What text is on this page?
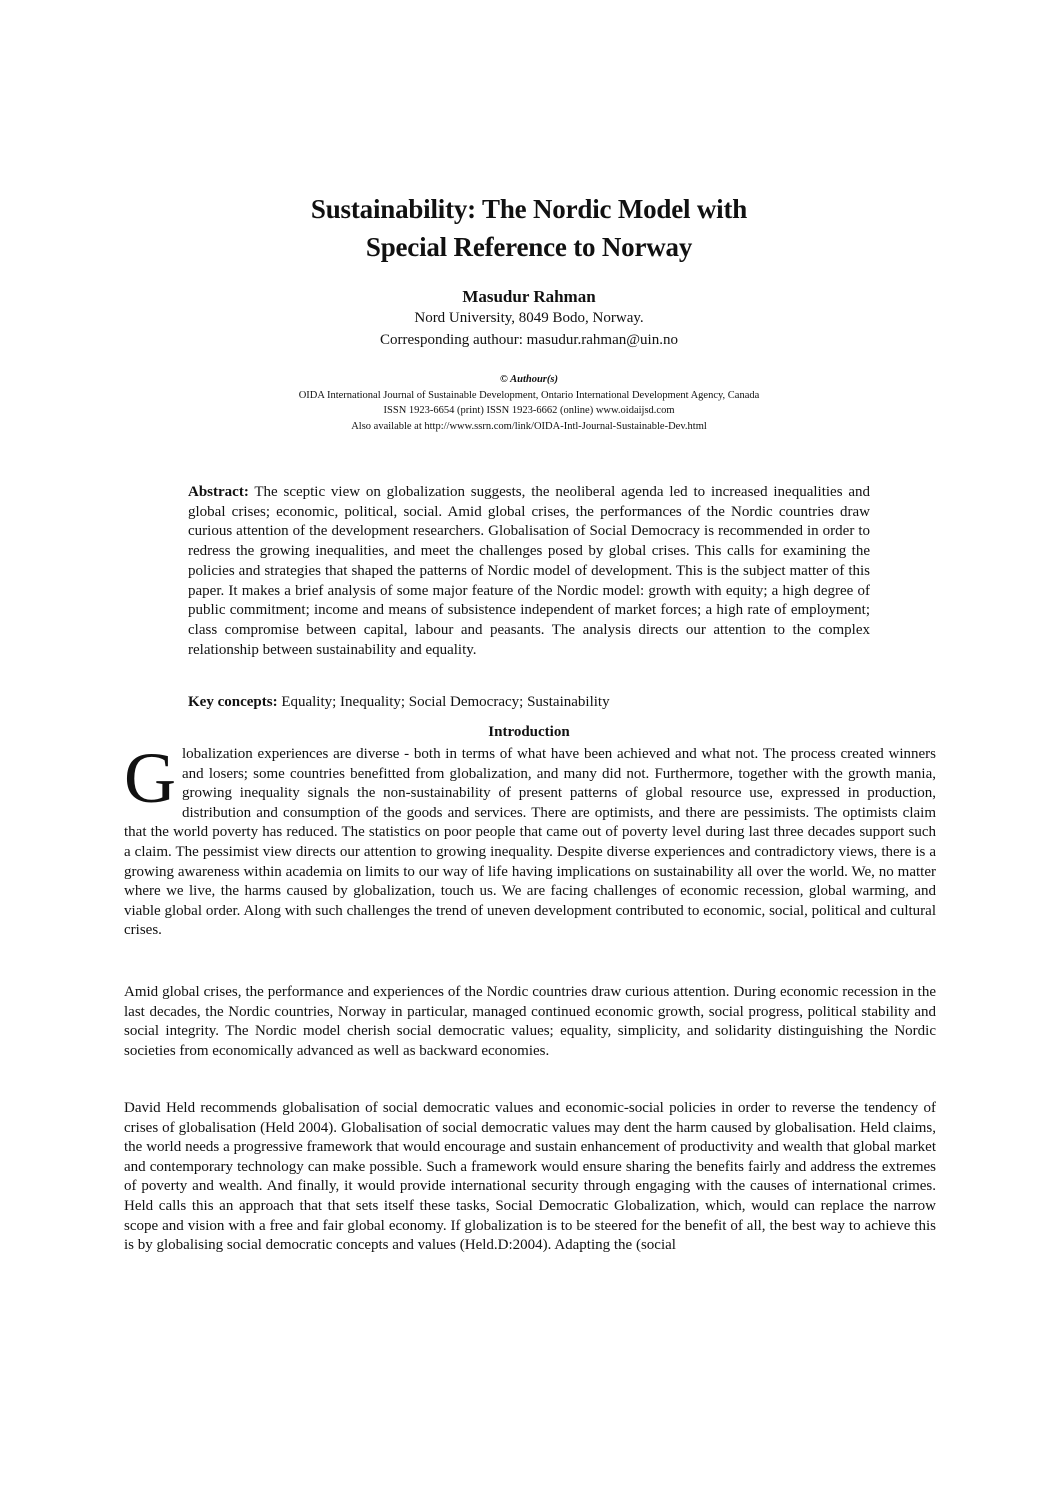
Sustainability: The Nordic Model with
Special Reference to Norway
Masudur Rahman
Nord University, 8049 Bodo, Norway.
Corresponding authour: masudur.rahman@uin.no
© Authour(s)
OIDA International Journal of Sustainable Development, Ontario International Development Agency, Canada
ISSN 1923-6654 (print) ISSN 1923-6662 (online) www.oidaijsd.com
Also available at http://www.ssrn.com/link/OIDA-Intl-Journal-Sustainable-Dev.html

Abstract: The sceptic view on globalization suggests, the neoliberal agenda led to increased inequalities and global crises; economic, political, social. Amid global crises, the performances of the Nordic countries draw curious attention of the development researchers. Globalisation of Social Democracy is recommended in order to redress the growing inequalities, and meet the challenges posed by global crises. This calls for examining the policies and strategies that shaped the patterns of Nordic model of development. This is the subject matter of this paper. It makes a brief analysis of some major feature of the Nordic model: growth with equity; a high degree of public commitment; income and means of subsistence independent of market forces; a high rate of employment; class compromise between capital, labour and peasants. The analysis directs our attention to the complex relationship between sustainability and equality.

Key concepts: Equality; Inequality; Social Democracy; Sustainability

Introduction

Globalization experiences are diverse - both in terms of what have been achieved and what not. The process created winners and losers; some countries benefitted from globalization, and many did not. Furthermore, together with the growth mania, growing inequality signals the non-sustainability of present patterns of global resource use, expressed in production, distribution and consumption of the goods and services. There are optimists, and there are pessimists. The optimists claim that the world poverty has reduced. The statistics on poor people that came out of poverty level during last three decades support such a claim. The pessimist view directs our attention to growing inequality. Despite diverse experiences and contradictory views, there is a growing awareness within academia on limits to our way of life having implications on sustainability all over the world. We, no matter where we live, the harms caused by globalization, touch us. We are facing challenges of economic recession, global warming, and viable global order. Along with such challenges the trend of uneven development contributed to economic, social, political and cultural crises.

Amid global crises, the performance and experiences of the Nordic countries draw curious attention. During economic recession in the last decades, the Nordic countries, Norway in particular, managed continued economic growth, social progress, political stability and social integrity. The Nordic model cherish social democratic values; equality, simplicity, and solidarity distinguishing the Nordic societies from economically advanced as well as backward economies.

David Held recommends globalisation of social democratic values and economic-social policies in order to reverse the tendency of crises of globalisation (Held 2004). Globalisation of social democratic values may dent the harm caused by globalisation. Held claims, the world needs a progressive framework that would encourage and sustain enhancement of productivity and wealth that global market and contemporary technology can make possible. Such a framework would ensure sharing the benefits fairly and address the extremes of poverty and wealth. And finally, it would provide international security through engaging with the causes of international crimes. Held calls this an approach that that sets itself these tasks, Social Democratic Globalization, which, would can replace the narrow scope and vision with a free and fair global economy. If globalization is to be steered for the benefit of all, the best way to achieve this is by globalising social democratic concepts and values (Held.D:2004). Adapting the (social
